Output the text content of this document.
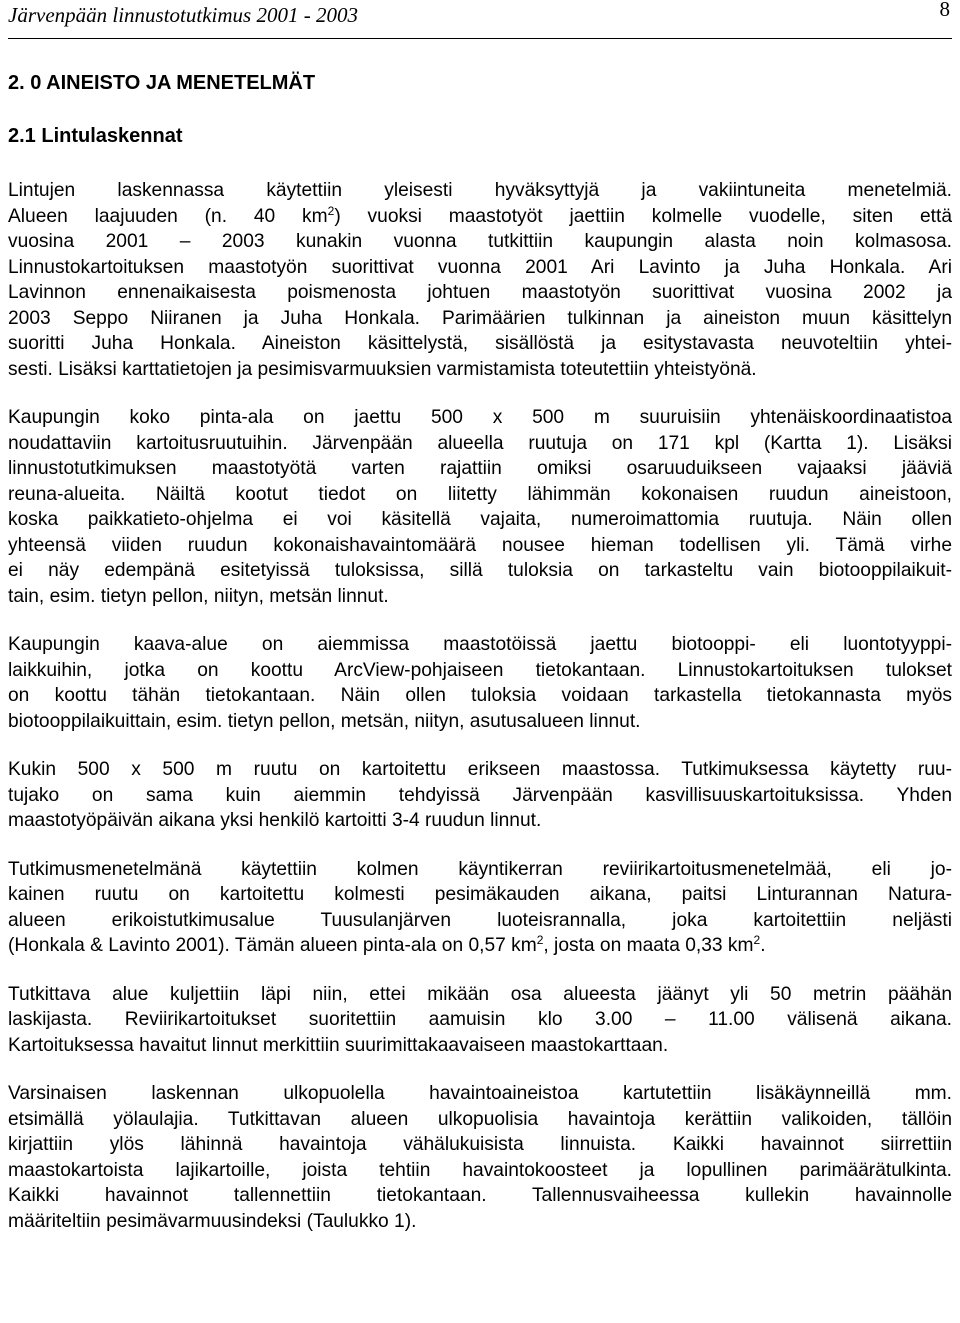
Järvenpään linnustotutkimus 2001 - 2003	8
2. 0 AINEISTO JA MENETELMÄT
2.1 Lintulaskennat
Lintujen laskennassa käytettiin yleisesti hyväksyttyjä ja vakiintuneita menetelmiä.
Alueen laajuuden (n. 40 $km^2$) vuoksi maastotyöt jaettiin kolmelle vuodelle, siten että
vuosina 2001 – 2003 kunakin vuonna tutkittiin kaupungin alasta noin kolmasosa.
Linnustokartoituksen maastotyön suorittivat vuonna 2001 Ari Lavinto ja Juha Honkala. Ari
Lavinnon ennenaikaisesta poismenosta johtuen maastotyön suorittivat vuosina 2002 ja
2003 Seppo Niiranen ja Juha Honkala. Parimäärien tulkinnan ja aineiston muun käsittelyn
suoritti Juha Honkala. Aineiston käsittelystä, sisällöstä ja esitystavasta neuvoteltiin yhtei-
sesti. Lisäksi karttatietojen ja pesimisvarmuuksien varmistamista toteutettiin yhteistyönä.
Kaupungin koko pinta-ala on jaettu 500 x 500 m suuruisiin yhtenäiskoordinaatistoa
noudattaviin kartoitusruutuihin. Järvenpään alueella ruutuja on 171 kpl (Kartta 1). Lisäksi
linnustotutkimuksen maastotyötä varten rajattiin omiksi osaruuduikseen vajaaksi jääviä
reuna-alueita. Näiltä kootut tiedot on liitetty lähimmän kokonaisen ruudun aineistoon,
koska paikkatieto-ohjelma ei voi käsitellä vajaita, numeroimattomia ruutuja. Näin ollen
yhteensä viiden ruudun kokonaishavaintomäärä nousee hieman todellisen yli. Tämä virhe
ei näy edempänä esitetyissä tuloksissa, sillä tuloksia on tarkasteltu vain biotooppilaikuit-
tain, esim. tietyn pellon, niityn, metsän linnut.
Kaupungin kaava-alue on aiemmissa maastotöissä jaettu biotooppi- eli luontotyyppi-
laikkuihin, jotka on koottu ArcView-pohjaiseen tietokantaan. Linnustokartoituksen tulokset
on koottu tähän tietokantaan. Näin ollen tuloksia voidaan tarkastella tietokannasta myös
biotooppilaikuittain, esim. tietyn pellon, metsän, niityn, asutusalueen linnut.
Kukin 500 x 500 m ruutu on kartoitettu erikseen maastossa. Tutkimuksessa käytetty ruu-
tujako on sama kuin aiemmin tehdyissä Järvenpään kasvillisuuskartoituksissa. Yhden
maastotyöpäivän aikana yksi henkilö kartoitti 3-4 ruudun linnut.
Tutkimusmenetelmänä käytettiin kolmen käyntikerran reviirikartoitusmenetelmää, eli jo-
kainen ruutu on kartoitettu kolmesti pesimäkauden aikana, paitsi Linturannan Natura-
alueen erikoistutkimusalue Tuusulanjärven luoteisrannalla, joka kartoitettiin neljästi
(Honkala & Lavinto 2001). Tämän alueen pinta-ala on 0,57 $km^2$, josta on maata 0,33 $km^2$.
Tutkittava alue kuljettiin läpi niin, ettei mikään osa alueesta jäänyt yli 50 metrin päähän
laskijasta. Reviirikartoitukset suoritettiin aamuisin klo 3.00 – 11.00 välisenä aikana.
Kartoituksessa havaitut linnut merkittiin suurimittakaavaiseen maastokarttaan.
Varsinaisen laskennan ulkopuolella havaintoaineistoa kartutettiin lisäkäynneillä mm.
etsimällä yölaulajia. Tutkittavan alueen ulkopuolisia havaintoja kerättiin valikoiden, tällöin
kirjattiin ylös lähinnä havaintoja vähälukuisista linnuista. Kaikki havainnot siirrettiin
maastokartoista lajikartoille, joista tehtiin havaintokoosteet ja lopullinen parimäärätulkinta.
Kaikki havainnot tallennettiin tietokantaan. Tallennusvaiheessa kullekin havainnolle
määriteltiin pesimävarmuusindeksi (Taulukko 1).
